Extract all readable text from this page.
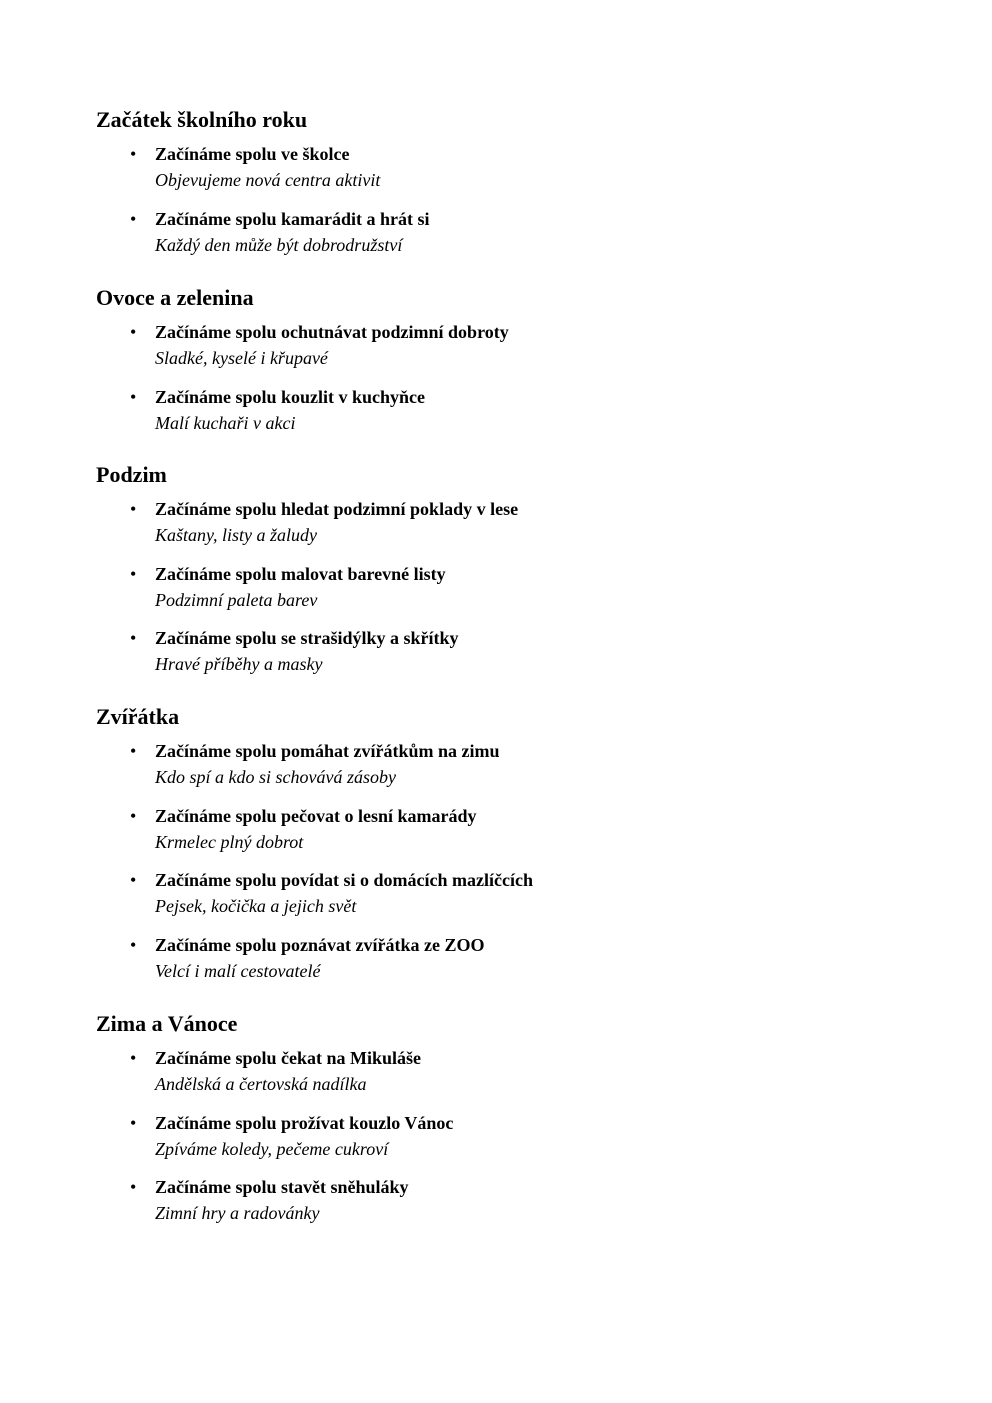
Začátek školního roku
• Začínáme spolu ve školce
Objevujeme nová centra aktivit
• Začínáme spolu kamarádit a hrát si
Každý den může být dobrodružství
Ovoce a zelenina
• Začínáme spolu ochutnávat podzimní dobroty
Sladké, kyselé i křupavé
• Začínáme spolu kouzlit v kuchyňce
Malí kuchaři v akci
Podzim
• Začínáme spolu hledat podzimní poklady v lese
Kaštany, listy a žaludy
• Začínáme spolu malovat barevné listy
Podzimní paleta barev
• Začínáme spolu se strašidýlky a skřítky
Hravé příběhy a masky
Zvířátka
• Začínáme spolu pomáhat zvířátkům na zimu
Kdo spí a kdo si schovává zásoby
• Začínáme spolu pečovat o lesní kamarády
Krmelec plný dobrot
• Začínáme spolu povídat si o domácích mazlíčcích
Pejsek, kočička a jejich svět
• Začínáme spolu poznávat zvířátka ze ZOO
Velcí i malí cestovatelé
Zima a Vánoce
• Začínáme spolu čekat na Mikuláše
Andělská a čertovská nadílka
• Začínáme spolu prožívat kouzlo Vánoc
Zpíváme koledy, pečeme cukroví
• Začínáme spolu stavět sněhuláky
Zimní hry a radovánky
